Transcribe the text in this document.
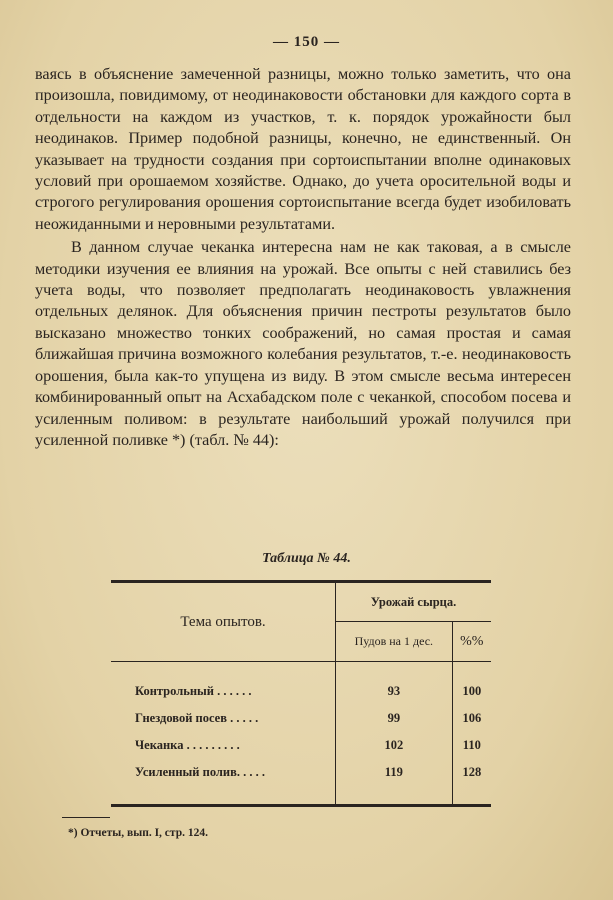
— 150 —

ваясь в объяснение замеченной разницы, можно только заметить, что она произошла, повидимому, от неодинаковости обстановки для каждого сорта в отдельности на каждом из участков, т. к. порядок урожайности был неодинаков. Пример подобной разницы, конечно, не единственный. Он указывает на трудности создания при сортоиспытании вполне одинаковых условий при орошаемом хозяйстве. Однако, до учета оросительной воды и строгого регулирования орошения сортоиспытание всегда будет изобиловать неожиданными и неровными результатами.

В данном случае чеканка интересна нам не как таковая, а в смысле методики изучения ее влияния на урожай. Все опыты с ней ставились без учета воды, что позволяет предполагать неодинаковость увлажнения отдельных делянок. Для объяснения причин пестроты результатов было высказано множество тонких соображений, но самая простая и самая ближайшая причина возможного колебания результатов, т.-е. неодинаковость орошения, была как-то упущена из виду. В этом смысле весьма интересен комбинированный опыт на Асхабадском поле с чеканкой, способом посева и усиленным поливом: в результате наибольший урожай получился при усиленной поливке *) (табл. № 44):

Таблица № 44.
Тема опытов.	Урожай сырца.	
	Пудов на 1 дес.	%%
Контрольный . . . . . .	93	100
Гнездовой посев . . . . .	99	106
Чеканка . . . . . . . . .	102	110
Усиленный полив. . . . .	119	128
*) Отчеты, вып. I, стр. 124.
